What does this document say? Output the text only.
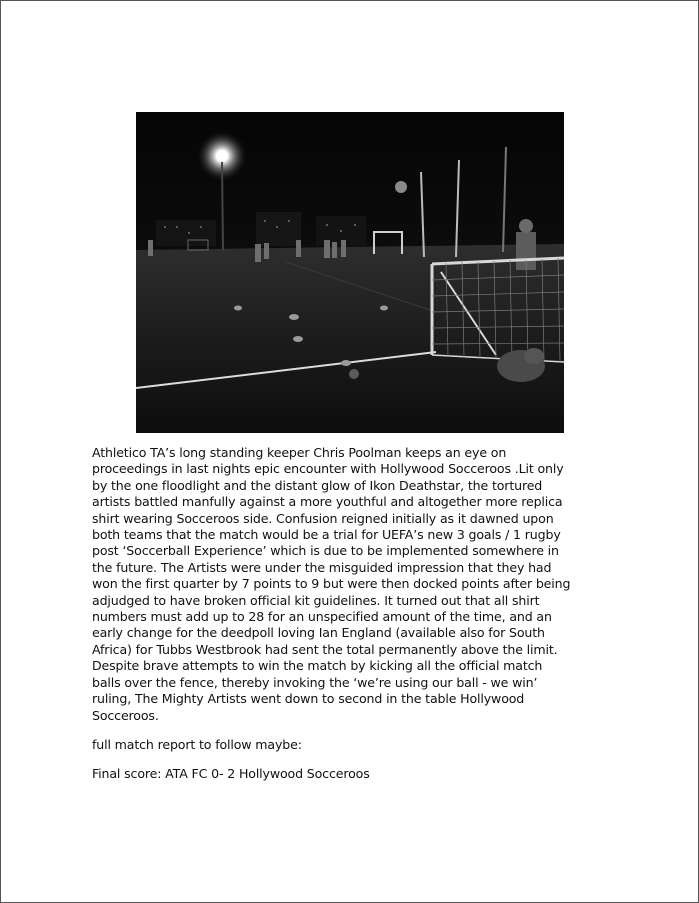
Athletico TA’s long standing keeper Chris Poolman keeps an eye on proceedings in last nights epic encounter with Hollywood Socceroos .Lit only by the one floodlight and the distant glow of Ikon Deathstar, the tortured artists battled manfully against a more youthful and altogether more replica shirt wearing Socceroos side. Confusion reigned initially as it dawned upon both teams that the match would be a trial for UEFA’s new 3 goals / 1 rugby post ‘Soccerball Experience’ which is due to be implemented somewhere in the future. The Artists were under the misguided impression that they had won the first quarter by 7 points to 9 but were then docked points after being adjudged to have broken official kit guidelines. It turned out that all shirt numbers must add up to 28 for an unspecified amount of the time, and an early change for the deedpoll loving Ian England (available also for South Africa) for Tubbs Westbrook had sent the total permanently above the limit. Despite brave attempts to win the match by kicking all the official match balls over the fence, thereby invoking the ‘we’re using our ball - we win’ ruling, The Mighty Artists went down to second in the table Hollywood Socceroos.

full match report to follow maybe:

Final score: ATA FC 0- 2 Hollywood Socceroos
